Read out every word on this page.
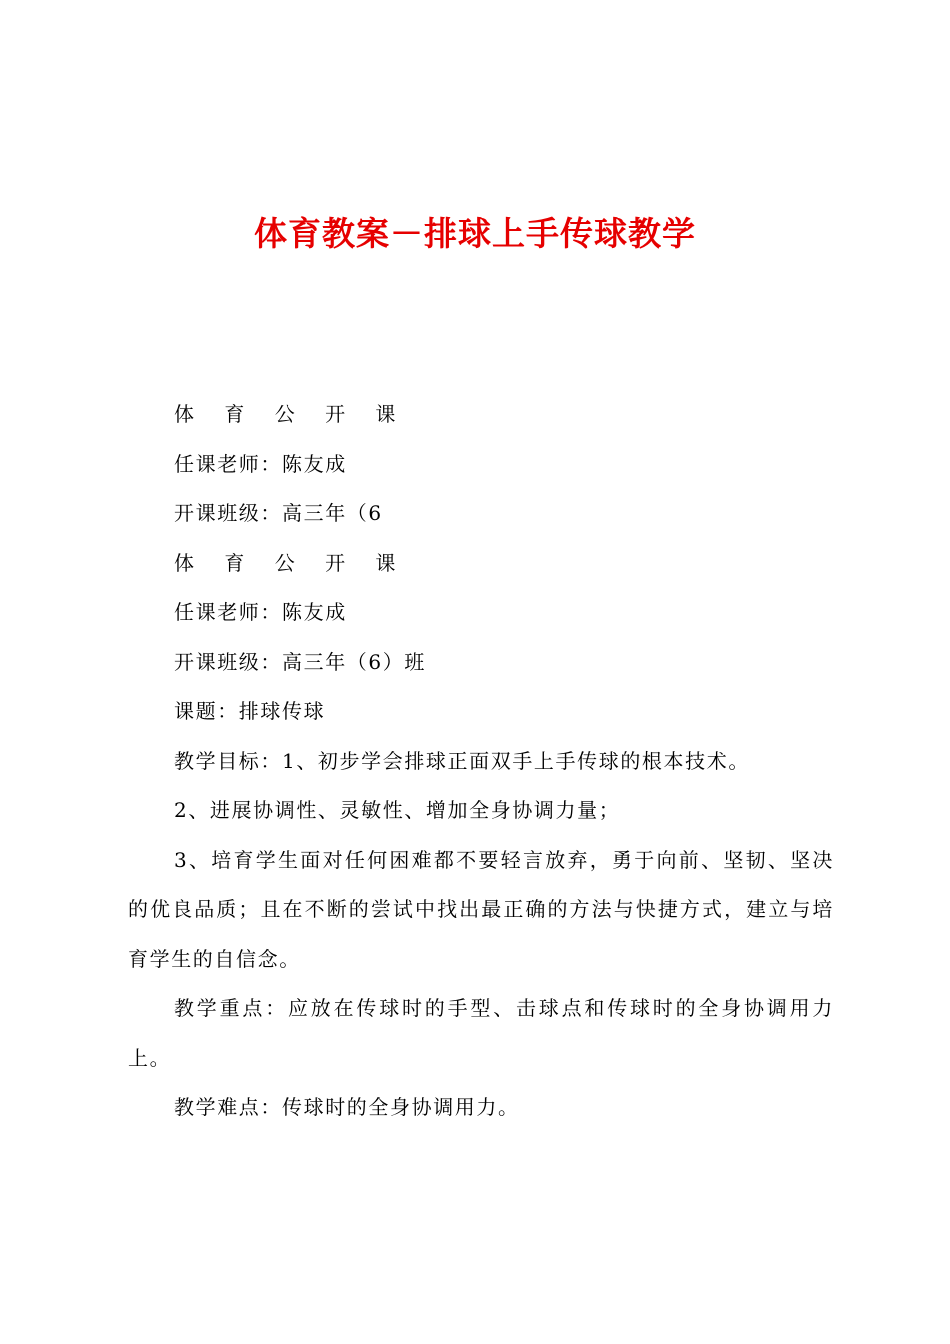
体育教案－排球上手传球教学

体 育 公 开 课

任课老师：陈友成

开课班级：高三年（6

体 育 公 开 课

任课老师：陈友成

开课班级：高三年（6）班

课题：排球传球

教学目标：1、初步学会排球正面双手上手传球的根本技术。

2、进展协调性、灵敏性、增加全身协调力量；

3、培育学生面对任何困难都不要轻言放弃，勇于向前、坚韧、坚决的优良品质；且在不断的尝试中找出最正确的方法与快捷方式，建立与培育学生的自信念。

教学重点：应放在传球时的手型、击球点和传球时的全身协调用力上。

教学难点：传球时的全身协调用力。
